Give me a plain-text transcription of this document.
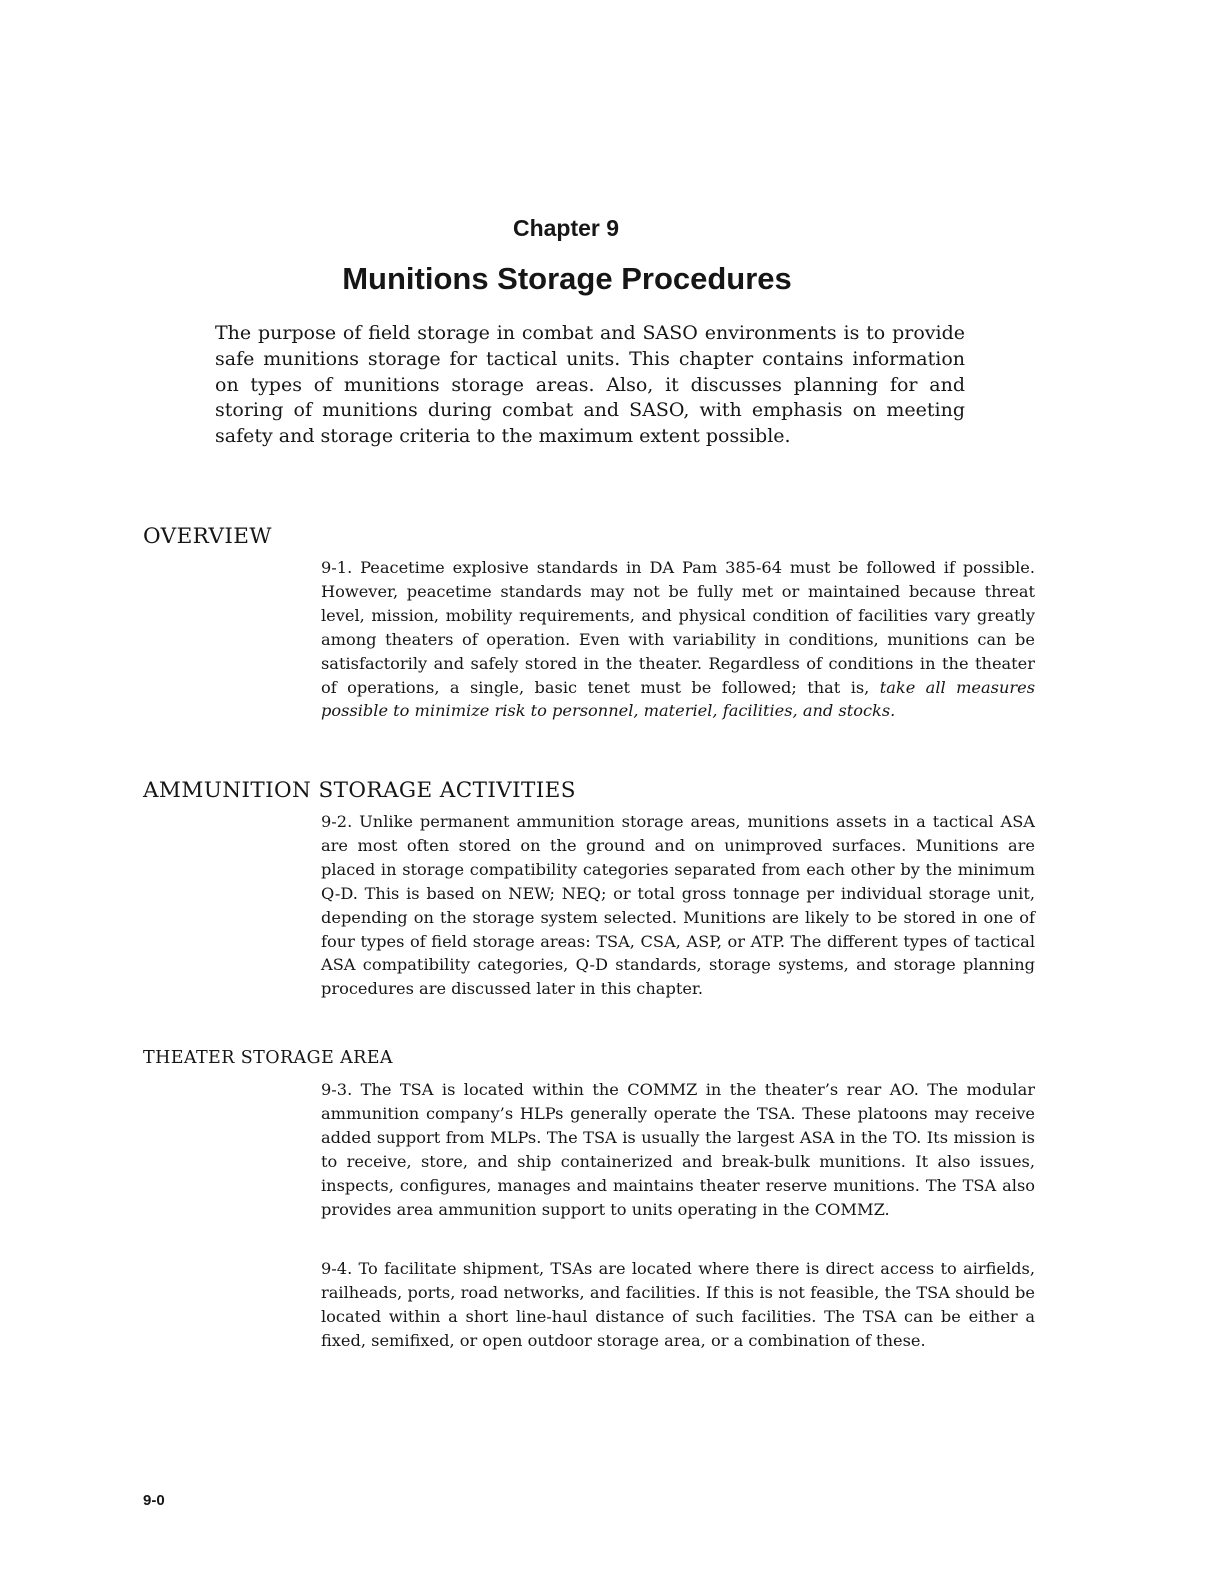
Chapter 9
Munitions Storage Procedures

The purpose of field storage in combat and SASO environments is to provide safe munitions storage for tactical units. This chapter contains information on types of munitions storage areas. Also, it discusses planning for and storing of munitions during combat and SASO, with emphasis on meeting safety and storage criteria to the maximum extent possible.

OVERVIEW

9-1. Peacetime explosive standards in DA Pam 385-64 must be followed if possible. However, peacetime standards may not be fully met or maintained because threat level, mission, mobility requirements, and physical condition of facilities vary greatly among theaters of operation. Even with variability in conditions, munitions can be satisfactorily and safely stored in the theater. Regardless of conditions in the theater of operations, a single, basic tenet must be followed; that is, take all measures possible to minimize risk to personnel, materiel, facilities, and stocks.

AMMUNITION STORAGE ACTIVITIES

9-2. Unlike permanent ammunition storage areas, munitions assets in a tactical ASA are most often stored on the ground and on unimproved surfaces. Munitions are placed in storage compatibility categories separated from each other by the minimum Q-D. This is based on NEW; NEQ; or total gross tonnage per individual storage unit, depending on the storage system selected. Munitions are likely to be stored in one of four types of field storage areas: TSA, CSA, ASP, or ATP. The different types of tactical ASA compatibility categories, Q-D standards, storage systems, and storage planning procedures are discussed later in this chapter.

THEATER STORAGE AREA

9-3. The TSA is located within the COMMZ in the theater’s rear AO. The modular ammunition company’s HLPs generally operate the TSA. These platoons may receive added support from MLPs. The TSA is usually the largest ASA in the TO. Its mission is to receive, store, and ship containerized and break-bulk munitions. It also issues, inspects, configures, manages and maintains theater reserve munitions. The TSA also provides area ammunition support to units operating in the COMMZ.

9-4. To facilitate shipment, TSAs are located where there is direct access to airfields, railheads, ports, road networks, and facilities. If this is not feasible, the TSA should be located within a short line-haul distance of such facilities. The TSA can be either a fixed, semifixed, or open outdoor storage area, or a combination of these.

9-0
